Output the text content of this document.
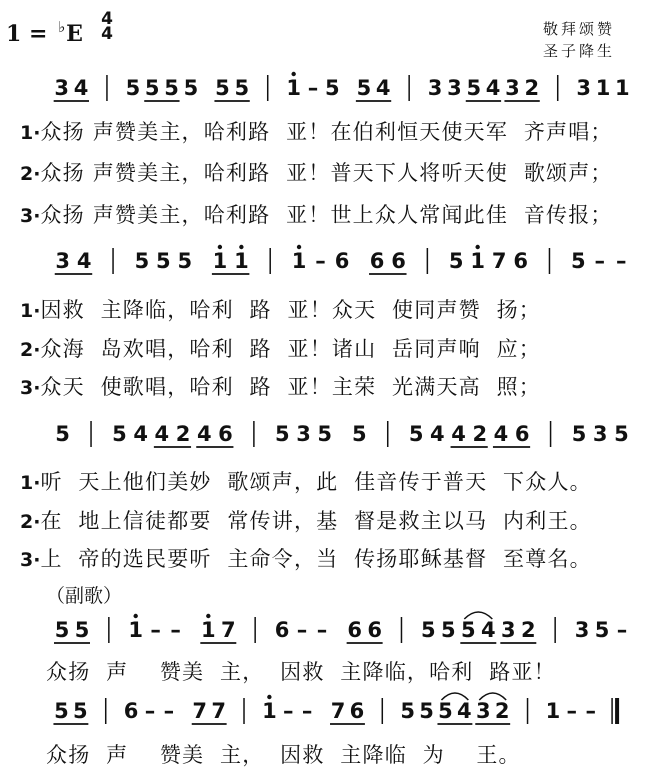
1 = ♭E
4
4	敬拜颂赞
圣子降生
3 4 5 5 5 5 5 5 1 – 5 5 4 3 3 5 4 3 2 3 1 1
3 4 5 5 5 1 1 1 – 6 6 6 5 1 7 6 5 – –
5 5 4 4 2 4 6 5 3 5 5 5 4 4 2 4 6 5 3 5
5 5 1 – – 1 7 6 – – 6 6 5 5 5 4 3 2 3 5 –
5 5 6 – – 7 7 1 – – 7 6 5 5 5 4 3 2 1 – –
1·众扬 声赞美主，哈利路  亚！在伯利恒天使天军  齐声唱；
2·众扬 声赞美主，哈利路  亚！普天下人将听天使  歌颂声；
3·众扬 声赞美主，哈利路  亚！世上众人常闻此佳  音传报；
1·因救  主降临，哈利  路  亚！众天  使同声赞  扬；
2·众海  岛欢唱，哈利  路  亚！诸山  岳同声响  应；
3·众天  使歌唱，哈利  路  亚！主荣  光满天高  照；
1·听  天上他们美妙  歌颂声，此  佳音传于普天  下众人。
2·在  地上信徒都要  常传讲，基  督是救主以马  内利王。
3·上  帝的选民要听  主命令，当  传扬耶稣基督  至尊名。
（副歌）
众扬  声    赞美  主，  因救  主降临，哈利  路亚！
众扬  声    赞美  主，  因救  主降临  为    王。
